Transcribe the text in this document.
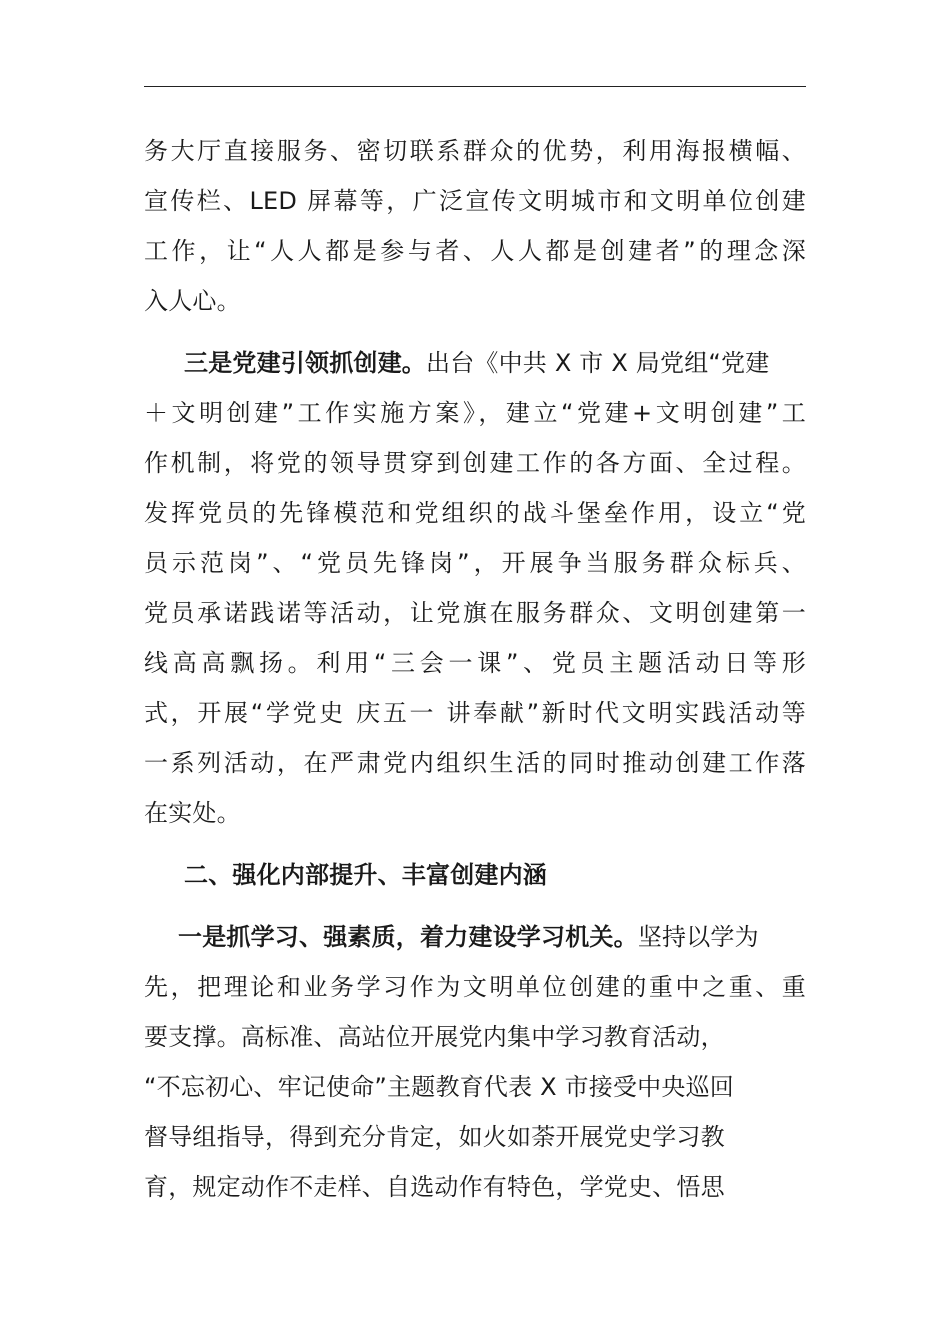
务大厅直接服务、密切联系群众的优势，利用海报横幅、
宣传栏、LED 屏幕等，广泛宣传文明城市和文明单位创建
工作，让“人人都是参与者、人人都是创建者”的理念深
入人心。
三是党建引领抓创建。出台《中共 X 市 X 局党组“党建
＋文明创建”工作实施方案》，建立“党建+文明创建”工
作机制，将党的领导贯穿到创建工作的各方面、全过程。
发挥党员的先锋模范和党组织的战斗堡垒作用，设立“党
员示范岗”、“党员先锋岗”，开展争当服务群众标兵、
党员承诺践诺等活动，让党旗在服务群众、文明创建第一
线高高飘扬。利用“三会一课”、党员主题活动日等形
式，开展“学党史 庆五一 讲奉献”新时代文明实践活动等
一系列活动，在严肃党内组织生活的同时推动创建工作落
在实处。
二、强化内部提升、丰富创建内涵
一是抓学习、强素质，着力建设学习机关。坚持以学为
先，把理论和业务学习作为文明单位创建的重中之重、重
要支撑。高标准、高站位开展党内集中学习教育活动，
“不忘初心、牢记使命”主题教育代表 X 市接受中央巡回
督导组指导，得到充分肯定，如火如荼开展党史学习教
育，规定动作不走样、自选动作有特色，学党史、悟思
